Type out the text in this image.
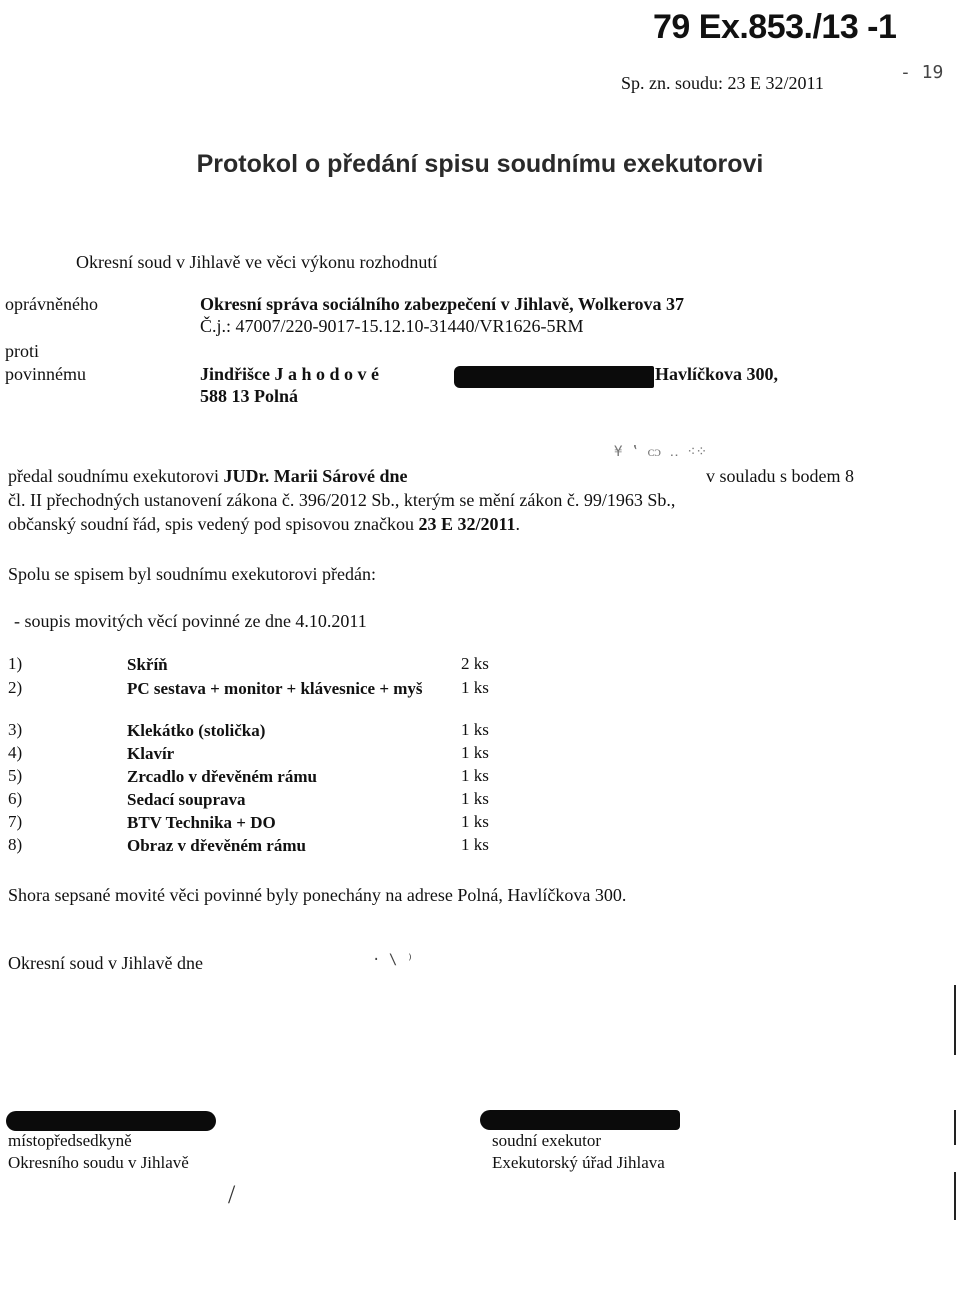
79 Ex.853./13 -1
Sp. zn. soudu: 23 E 32/2011	- 19
Protokol o předání spisu soudnímu exekutorovi
Okresní soud v Jihlavě ve věci výkonu rozhodnutí
oprávněného	Okresní správa sociálního zabezpečení v Jihlavě, Wolkerova 37
Č.j.: 47007/220-9017-15.12.10-31440/VR1626-5RM
proti
povinnému	Jindřišce J a h o d o v é	Havlíčkova 300,
588 13 Polná
¥ ‛ ᴄᴐ ‥ ⁖⁘
předal soudnímu exekutorovi JUDr. Marii Sárové dne	v souladu s bodem 8
čl. II přechodných ustanovení zákona č. 396/2012 Sb., kterým se mění zákon č. 99/1963 Sb.,
občanský soudní řád, spis vedený pod spisovou značkou 23 E 32/2011.
Spolu se spisem byl soudnímu exekutorovi předán:
- soupis movitých věcí povinné ze dne 4.10.2011
1)	Skříň	2 ks
2)	PC sestava + monitor + klávesnice + myš	1 ks
3)	Klekátko (stolička)	1 ks
4)	Klavír	1 ks
5)	Zrcadlo v dřevěném rámu	1 ks
6)	Sedací souprava	1 ks
7)	BTV Technika + DO	1 ks
8)	Obraz v dřevěném rámu	1 ks
Shora sepsané movité věci povinné byly ponechány na adrese Polná, Havlíčkova 300.
Okresní soud v Jihlavě dne	· \ ⁾
místopředsedkyně
Okresního soudu v Jihlavě
soudní exekutor
Exekutorský úřad Jihlava
/
